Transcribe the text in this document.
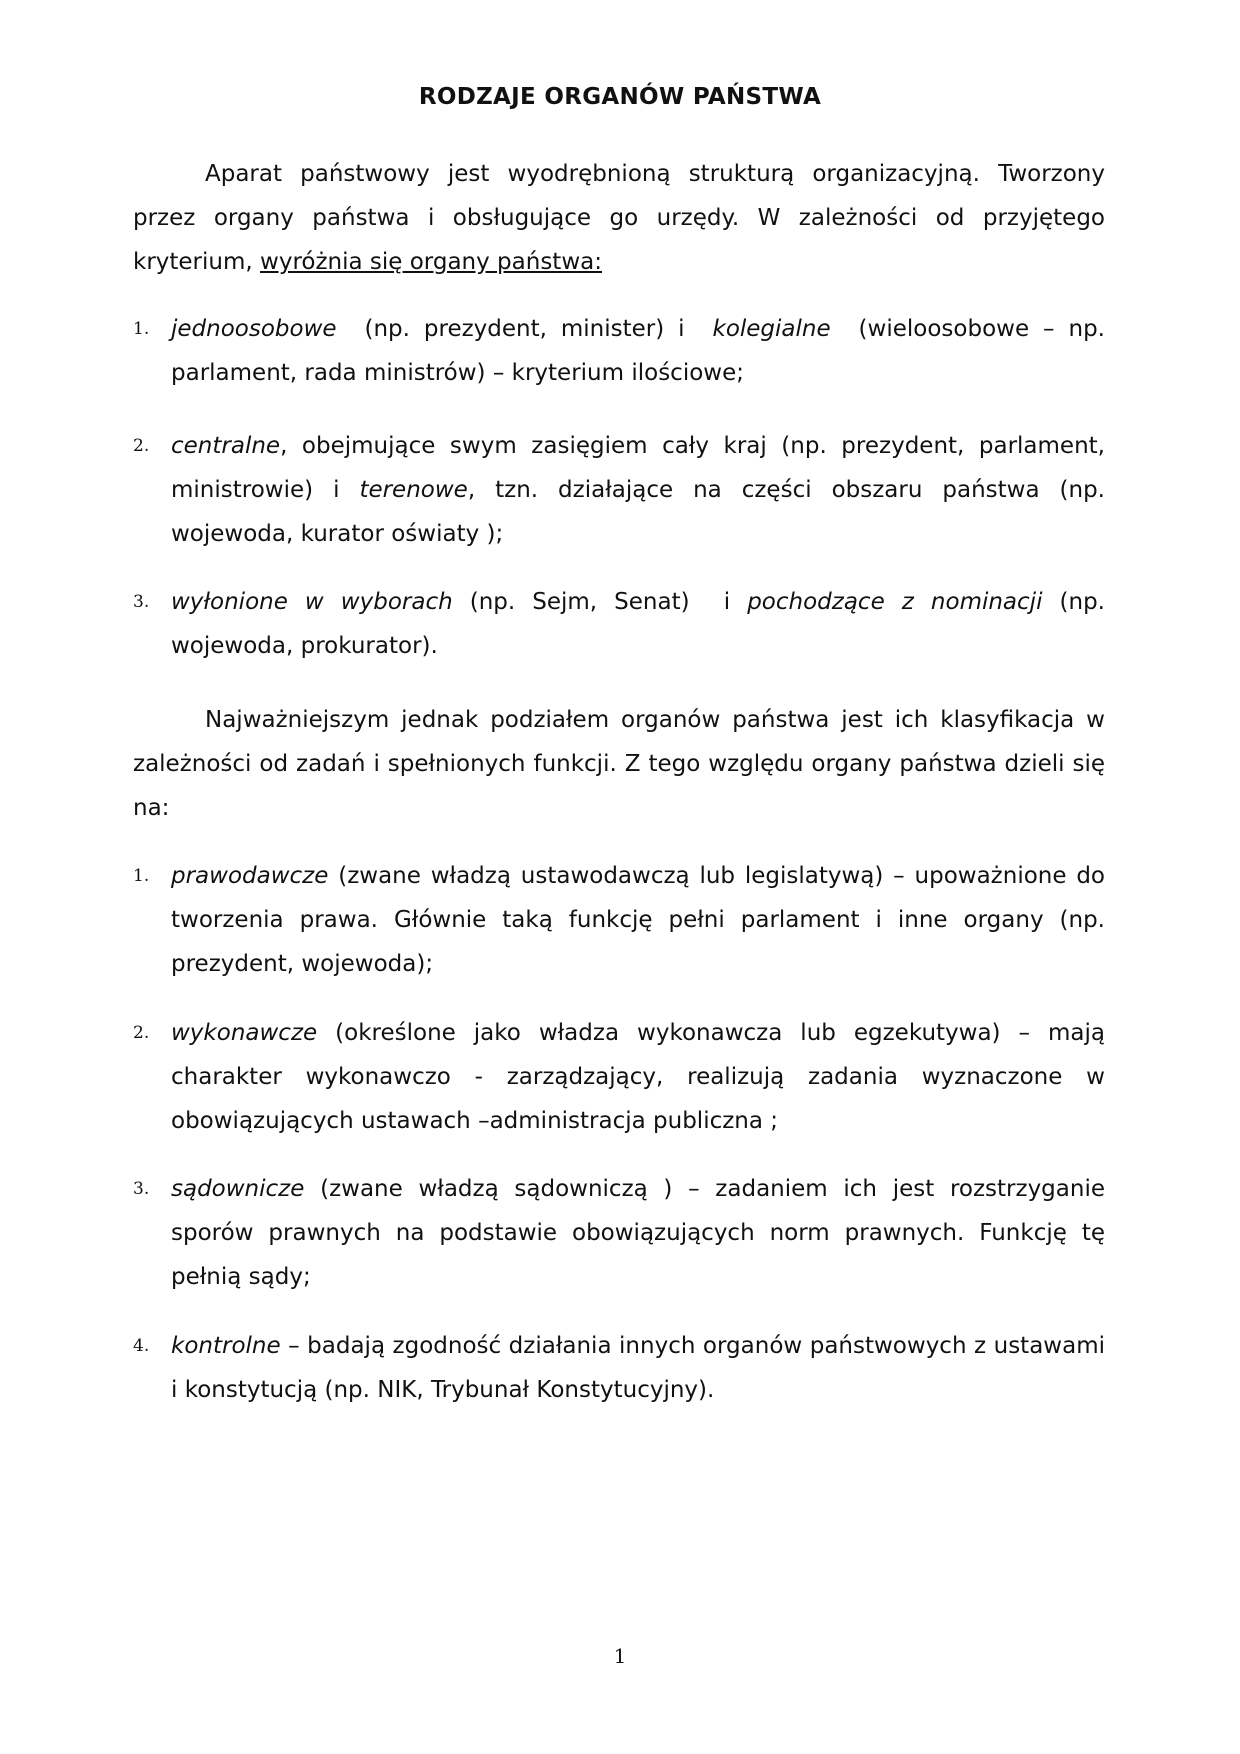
RODZAJE ORGANÓW PAŃSTWA
Aparat państwowy jest wyodrębnioną strukturą organizacyjną. Tworzony przez organy państwa i obsługujące go urzędy. W zależności od przyjętego kryterium, wyróżnia się organy państwa:
1. jednoosobowe  (np. prezydent, minister) i  kolegialne  (wieloosobowe – np. parlament, rada ministrów) – kryterium ilościowe;
2. centralne, obejmujące swym zasięgiem cały kraj (np. prezydent, parlament, ministrowie) i terenowe, tzn. działające na części obszaru państwa (np. wojewoda, kurator oświaty );
3. wyłonione w wyborach (np. Sejm, Senat)  i pochodzące z nominacji (np. wojewoda, prokurator).
Najważniejszym jednak podziałem organów państwa jest ich klasyfikacja w zależności od zadań i spełnionych funkcji. Z tego względu organy państwa dzieli się na:
1. prawodawcze (zwane władzą ustawodawczą lub legislatywą) – upoważnione do tworzenia prawa. Głównie taką funkcję pełni parlament i inne organy (np. prezydent, wojewoda);
2. wykonawcze (określone jako władza wykonawcza lub egzekutywa) – mają charakter wykonawczo - zarządzający, realizują zadania wyznaczone w obowiązujących ustawach –administracja publiczna ;
3. sądownicze (zwane władzą sądowniczą ) – zadaniem ich jest rozstrzyganie sporów prawnych na podstawie obowiązujących norm prawnych. Funkcję tę pełnią sądy;
4. kontrolne – badają zgodność działania innych organów państwowych z ustawami i konstytucją (np. NIK, Trybunał Konstytucyjny).
1
